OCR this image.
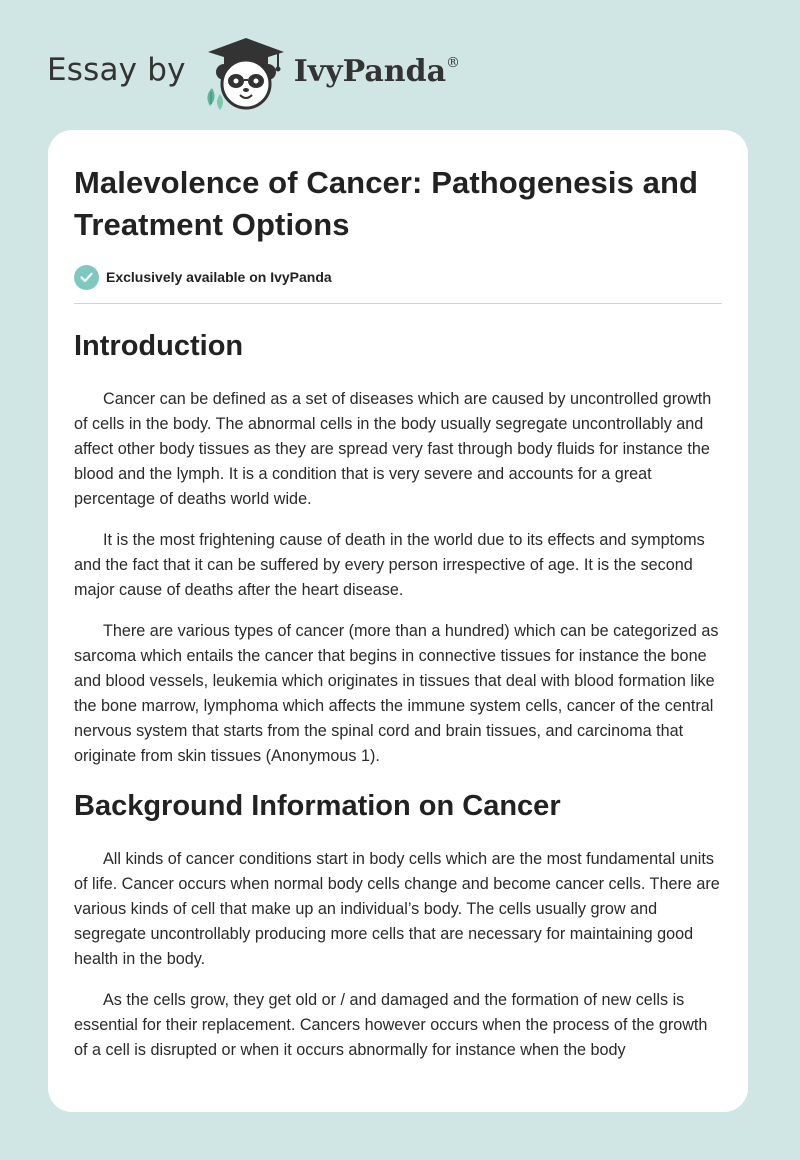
Essay by	IvyPanda®
Malevolence of Cancer: Pathogenesis and Treatment Options
Exclusively available on IvyPanda
Introduction

Cancer can be defined as a set of diseases which are caused by uncontrolled growth of cells in the body. The abnormal cells in the body usually segregate uncontrollably and affect other body tissues as they are spread very fast through body fluids for instance the blood and the lymph. It is a condition that is very severe and accounts for a great percentage of deaths world wide.

It is the most frightening cause of death in the world due to its effects and symptoms and the fact that it can be suffered by every person irrespective of age. It is the second major cause of deaths after the heart disease.

There are various types of cancer (more than a hundred) which can be categorized as sarcoma which entails the cancer that begins in connective tissues for instance the bone and blood vessels, leukemia which originates in tissues that deal with blood formation like the bone marrow, lymphoma which affects the immune system cells, cancer of the central nervous system that starts from the spinal cord and brain tissues, and carcinoma that originate from skin tissues (Anonymous 1).

Background Information on Cancer

All kinds of cancer conditions start in body cells which are the most fundamental units of life. Cancer occurs when normal body cells change and become cancer cells. There are various kinds of cell that make up an individual’s body. The cells usually grow and segregate uncontrollably producing more cells that are necessary for maintaining good health in the body.

As the cells grow, they get old or / and damaged and the formation of new cells is essential for their replacement. Cancers however occurs when the process of the growth of a cell is disrupted or when it occurs abnormally for instance when the body
